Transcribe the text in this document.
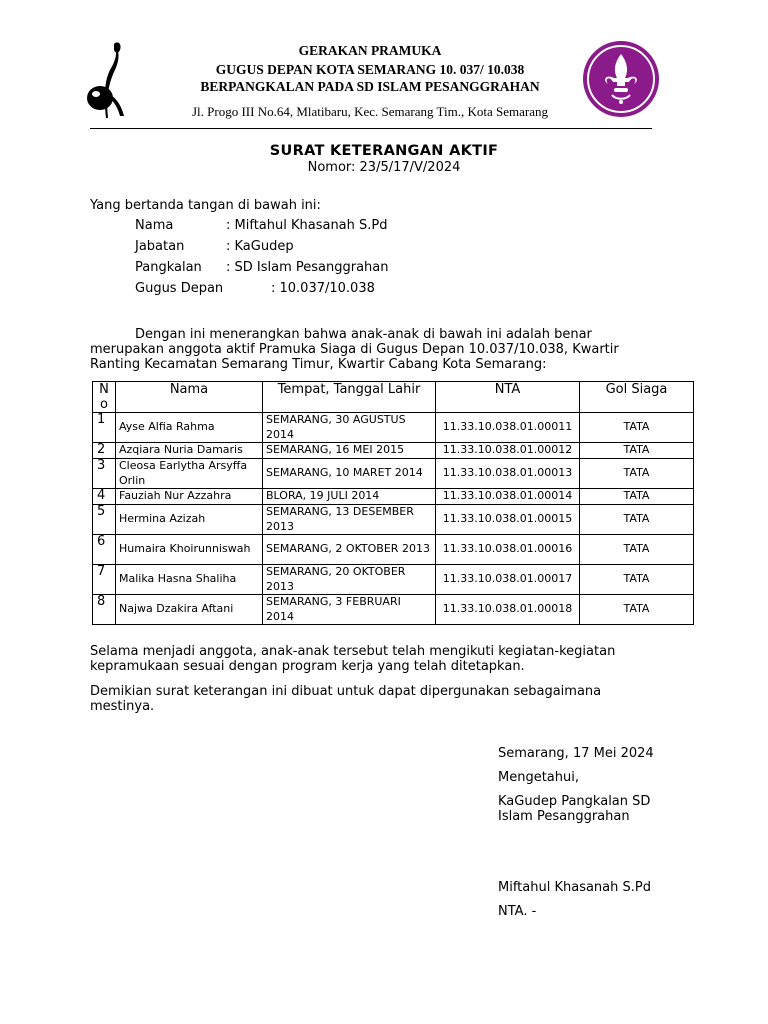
GERAKAN PRAMUKA
GUGUS DEPAN KOTA SEMARANG 10. 037/ 10.038
BERPANGKALAN PADA SD ISLAM PESANGGRAHAN
Jl. Progo III No.64, Mlatibaru, Kec. Semarang Tim., Kota Semarang
SURAT KETERANGAN AKTIF
Nomor: 23/5/17/V/2024
Yang bertanda tangan di bawah ini:
Nama	: Miftahul Khasanah S.Pd
Jabatan	: KaGudep
Pangkalan : SD Islam Pesanggrahan
Gugus Depan	: 10.037/10.038
Dengan ini menerangkan bahwa anak-anak di bawah ini adalah benar
merupakan anggota aktif Pramuka Siaga di Gugus Depan 10.037/10.038, Kwartir
Ranting Kecamatan Semarang Timur, Kwartir Cabang Kota Semarang:
N o	Nama	Tempat, Tanggal Lahir	NTA	Gol Siaga
1	Ayse Alfia Rahma	SEMARANG, 30 AGUSTUS 2014	11.33.10.038.01.00011	TATA
2	Azqiara Nuria Damaris	SEMARANG, 16 MEI 2015	11.33.10.038.01.00012	TATA
3	Cleosa Earlytha Arsyffa Orlin	SEMARANG, 10 MARET 2014	11.33.10.038.01.00013	TATA
4	Fauziah Nur Azzahra	BLORA, 19 JULI 2014	11.33.10.038.01.00014	TATA
5	Hermina Azizah	SEMARANG, 13 DESEMBER 2013	11.33.10.038.01.00015	TATA
6	Humaira Khoirunniswah	SEMARANG, 2 OKTOBER 2013	11.33.10.038.01.00016	TATA
7	Malika Hasna Shaliha	SEMARANG, 20 OKTOBER 2013	11.33.10.038.01.00017	TATA
8	Najwa Dzakira Aftani	SEMARANG, 3 FEBRUARI 2014	11.33.10.038.01.00018	TATA
Selama menjadi anggota, anak-anak tersebut telah mengikuti kegiatan-kegiatan
kepramukaan sesuai dengan program kerja yang telah ditetapkan.
Demikian surat keterangan ini dibuat untuk dapat dipergunakan sebagaimana
mestinya.
Semarang, 17 Mei 2024
Mengetahui,
KaGudep Pangkalan SD
Islam Pesanggrahan
Miftahul Khasanah S.Pd
NTA. -
